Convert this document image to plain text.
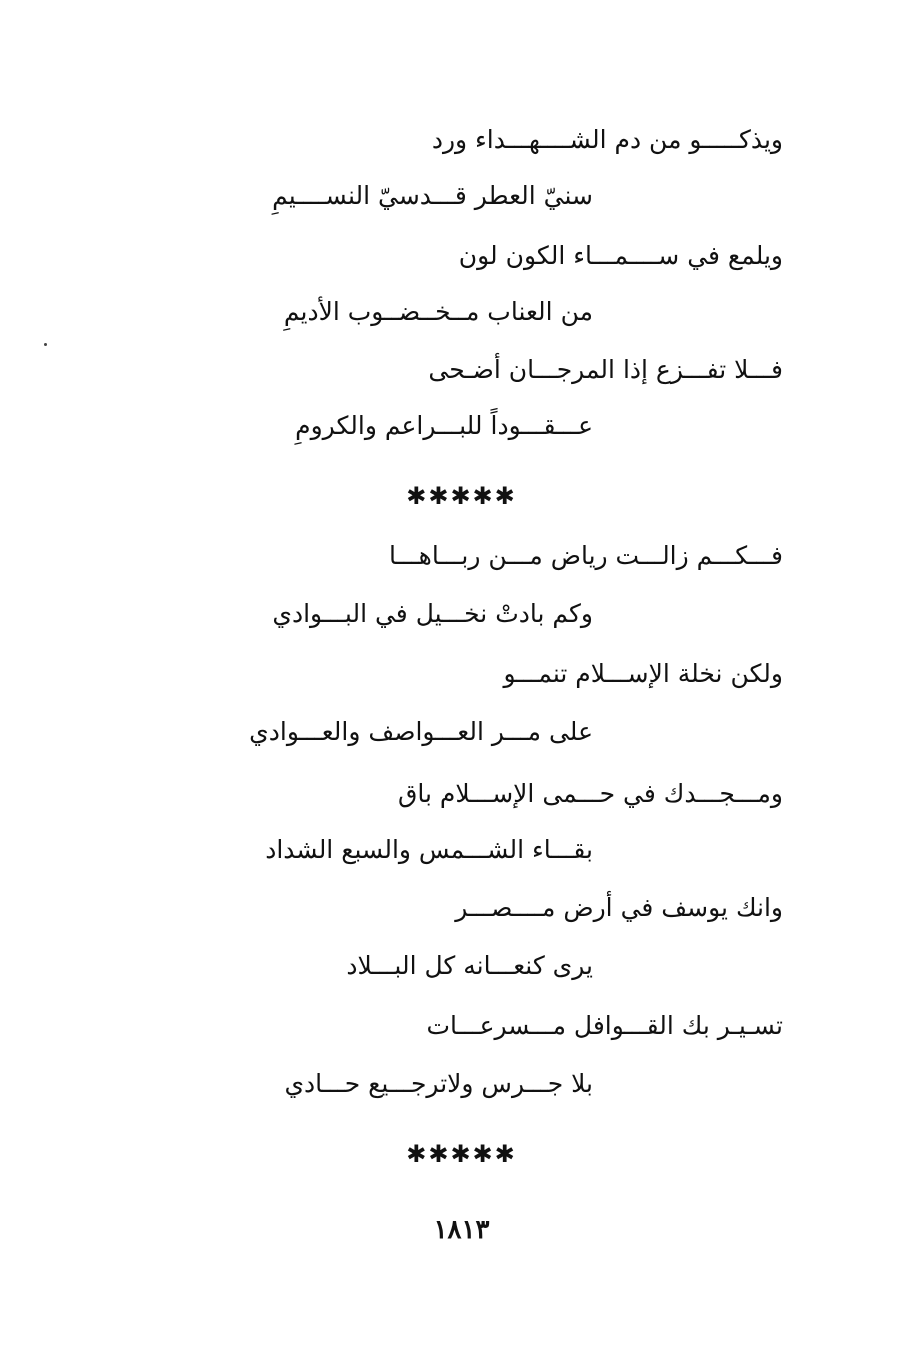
ويذكـــــو من دم الشــــهـــداء ورد
سنيّ العطر قـــدسيّ النســــيمِ
ويلمع في ســــمـــاء الكون لون
من العناب مــخــضــوب الأديمِ
فـــلا تفـــزع إذا المرجـــان أضـحى
عـــقـــوداً للبـــراعم والكرومِ
✱✱✱✱✱
فـــكـــم زالـــت رياض مـــن ربـــاهـــا
وكم بادتْ نخـــيل في البـــوادي
ولكن نخلة الإســـلام تنمـــو
على مـــر العـــواصف والعـــوادي
ومـــجـــدك في حـــمى الإســـلام باق
بقـــاء الشـــمس والسبع الشداد
وانك يوسف في أرض مــــصـــر
يرى كنعـــانه كل البـــلاد
تسـيـر بك القـــوافل مـــسرعـــات
بلا جـــرس ولاترجـــيع حـــادي
✱✱✱✱✱
١٨١٣
